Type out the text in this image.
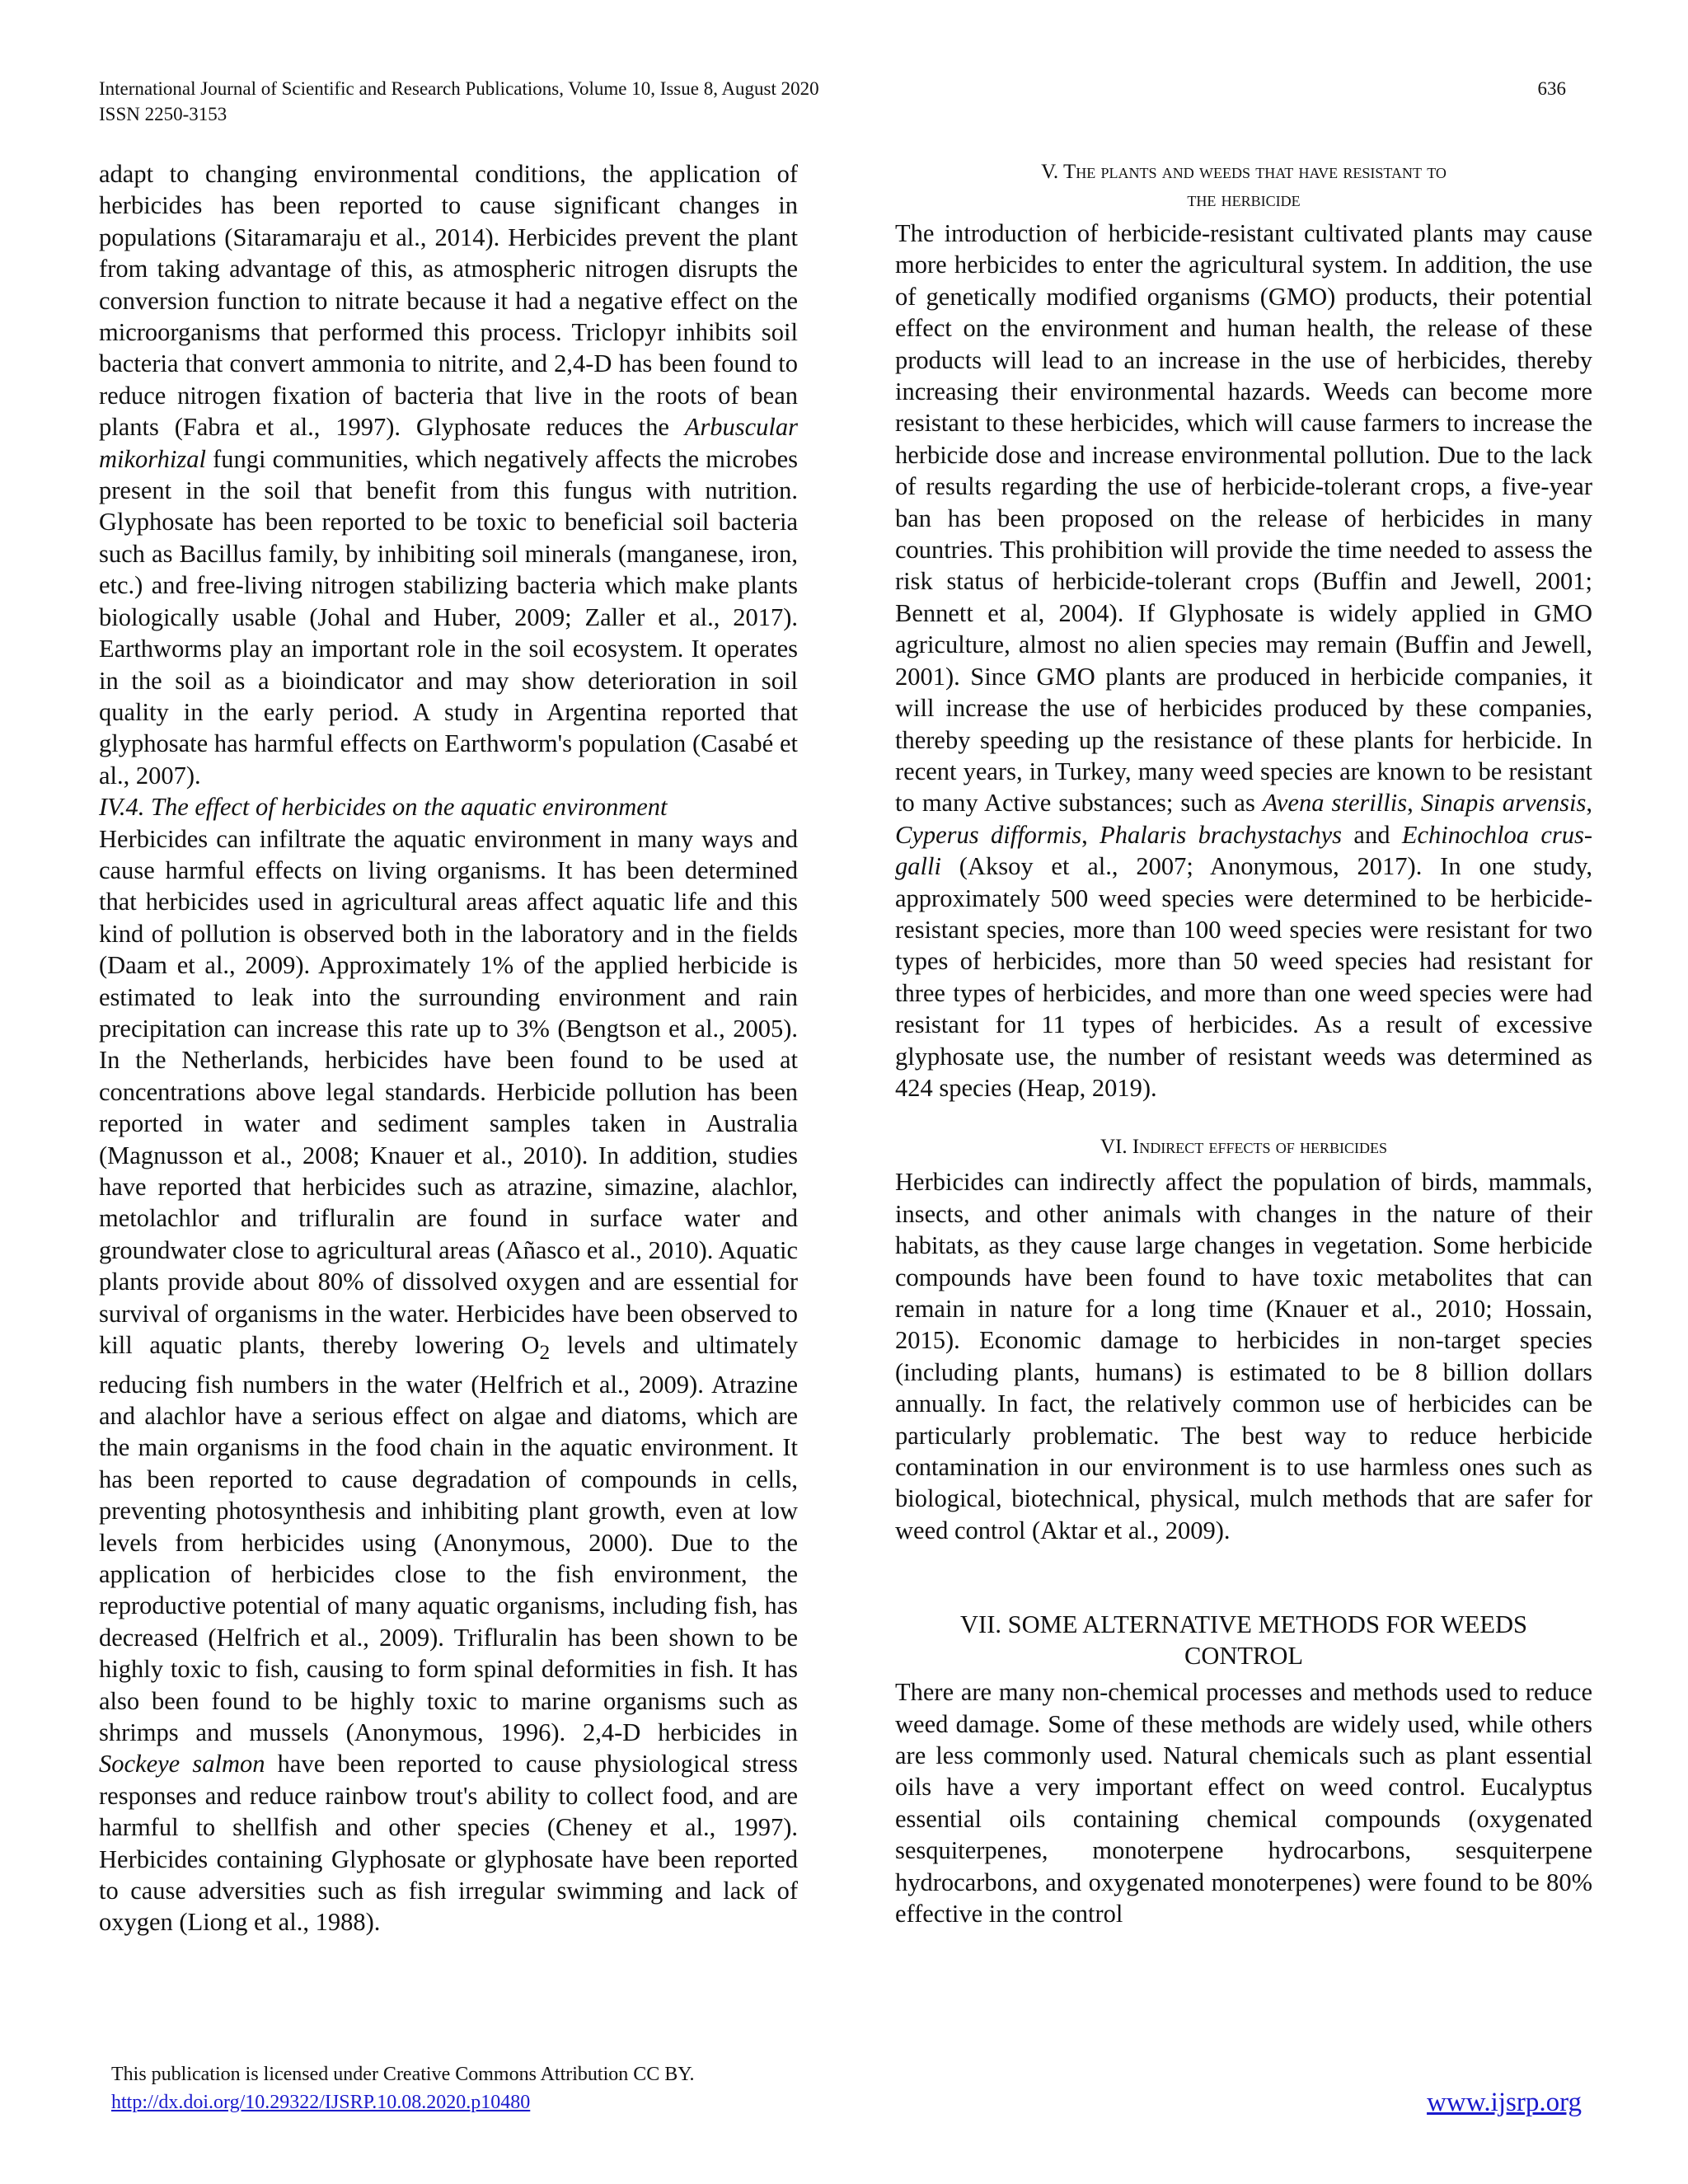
International Journal of Scientific and Research Publications, Volume 10, Issue 8, August 2020
ISSN 2250-3153
636

adapt to changing environmental conditions, the application of herbicides has been reported to cause significant changes in populations (Sitaramaraju et al., 2014). Herbicides prevent the plant from taking advantage of this, as atmospheric nitrogen disrupts the conversion function to nitrate because it had a negative effect on the microorganisms that performed this process. Triclopyr inhibits soil bacteria that convert ammonia to nitrite, and 2,4-D has been found to reduce nitrogen fixation of bacteria that live in the roots of bean plants (Fabra et al., 1997). Glyphosate reduces the Arbuscular mikorhizal fungi communities, which negatively affects the microbes present in the soil that benefit from this fungus with nutrition. Glyphosate has been reported to be toxic to beneficial soil bacteria such as Bacillus family, by inhibiting soil minerals (manganese, iron, etc.) and free-living nitrogen stabilizing bacteria which make plants biologically usable (Johal and Huber, 2009; Zaller et al., 2017). Earthworms play an important role in the soil ecosystem. It operates in the soil as a bioindicator and may show deterioration in soil quality in the early period. A study in Argentina reported that glyphosate has harmful effects on Earthworm's population (Casabé et al., 2007).

IV.4. The effect of herbicides on the aquatic environment

Herbicides can infiltrate the aquatic environment in many ways and cause harmful effects on living organisms. It has been determined that herbicides used in agricultural areas affect aquatic life and this kind of pollution is observed both in the laboratory and in the fields (Daam et al., 2009). Approximately 1% of the applied herbicide is estimated to leak into the surrounding environment and rain precipitation can increase this rate up to 3% (Bengtson et al., 2005). In the Netherlands, herbicides have been found to be used at concentrations above legal standards. Herbicide pollution has been reported in water and sediment samples taken in Australia (Magnusson et al., 2008; Knauer et al., 2010). In addition, studies have reported that herbicides such as atrazine, simazine, alachlor, metolachlor and trifluralin are found in surface water and groundwater close to agricultural areas (Añasco et al., 2010). Aquatic plants provide about 80% of dissolved oxygen and are essential for survival of organisms in the water. Herbicides have been observed to kill aquatic plants, thereby lowering $O_2$ levels and ultimately reducing fish numbers in the water (Helfrich et al., 2009). Atrazine and alachlor have a serious effect on algae and diatoms, which are the main organisms in the food chain in the aquatic environment. It has been reported to cause degradation of compounds in cells, preventing photosynthesis and inhibiting plant growth, even at low levels from herbicides using (Anonymous, 2000). Due to the application of herbicides close to the fish environment, the reproductive potential of many aquatic organisms, including fish, has decreased (Helfrich et al., 2009). Trifluralin has been shown to be highly toxic to fish, causing to form spinal deformities in fish. It has also been found to be highly toxic to marine organisms such as shrimps and mussels (Anonymous, 1996). 2,4-D herbicides in Sockeye salmon have been reported to cause physiological stress responses and reduce rainbow trout's ability to collect food, and are harmful to shellfish and other species (Cheney et al., 1997). Herbicides containing Glyphosate or glyphosate have been reported to cause adversities such as fish irregular swimming and lack of oxygen (Liong et al., 1988).

V. The plants and weeds that have resistant to
the herbicide

The introduction of herbicide-resistant cultivated plants may cause more herbicides to enter the agricultural system. In addition, the use of genetically modified organisms (GMO) products, their potential effect on the environment and human health, the release of these products will lead to an increase in the use of herbicides, thereby increasing their environmental hazards. Weeds can become more resistant to these herbicides, which will cause farmers to increase the herbicide dose and increase environmental pollution. Due to the lack of results regarding the use of herbicide-tolerant crops, a five-year ban has been proposed on the release of herbicides in many countries. This prohibition will provide the time needed to assess the risk status of herbicide-tolerant crops (Buffin and Jewell, 2001; Bennett et al, 2004). If Glyphosate is widely applied in GMO agriculture, almost no alien species may remain (Buffin and Jewell, 2001). Since GMO plants are produced in herbicide companies, it will increase the use of herbicides produced by these companies, thereby speeding up the resistance of these plants for herbicide. In recent years, in Turkey, many weed species are known to be resistant to many Active substances; such as Avena sterillis, Sinapis arvensis, Cyperus difformis, Phalaris brachystachys and Echinochloa crus-galli (Aksoy et al., 2007; Anonymous, 2017). In one study, approximately 500 weed species were determined to be herbicide-resistant species, more than 100 weed species were resistant for two types of herbicides, more than 50 weed species had resistant for three types of herbicides, and more than one weed species were had resistant for 11 types of herbicides. As a result of excessive glyphosate use, the number of resistant weeds was determined as 424 species (Heap, 2019).

VI. Indirect effects of herbicides

Herbicides can indirectly affect the population of birds, mammals, insects, and other animals with changes in the nature of their habitats, as they cause large changes in vegetation. Some herbicide compounds have been found to have toxic metabolites that can remain in nature for a long time (Knauer et al., 2010; Hossain, 2015). Economic damage to herbicides in non-target species (including plants, humans) is estimated to be 8 billion dollars annually. In fact, the relatively common use of herbicides can be particularly problematic. The best way to reduce herbicide contamination in our environment is to use harmless ones such as biological, biotechnical, physical, mulch methods that are safer for weed control (Aktar et al., 2009).

VII. SOME ALTERNATIVE METHODS FOR WEEDS
CONTROL

There are many non-chemical processes and methods used to reduce weed damage. Some of these methods are widely used, while others are less commonly used. Natural chemicals such as plant essential oils have a very important effect on weed control. Eucalyptus essential oils containing chemical compounds (oxygenated sesquiterpenes, monoterpene hydrocarbons, sesquiterpene hydrocarbons, and oxygenated monoterpenes) were found to be 80% effective in the control

This publication is licensed under Creative Commons Attribution CC BY.
http://dx.doi.org/10.29322/IJSRP.10.08.2020.p10480	www.ijsrp.org
